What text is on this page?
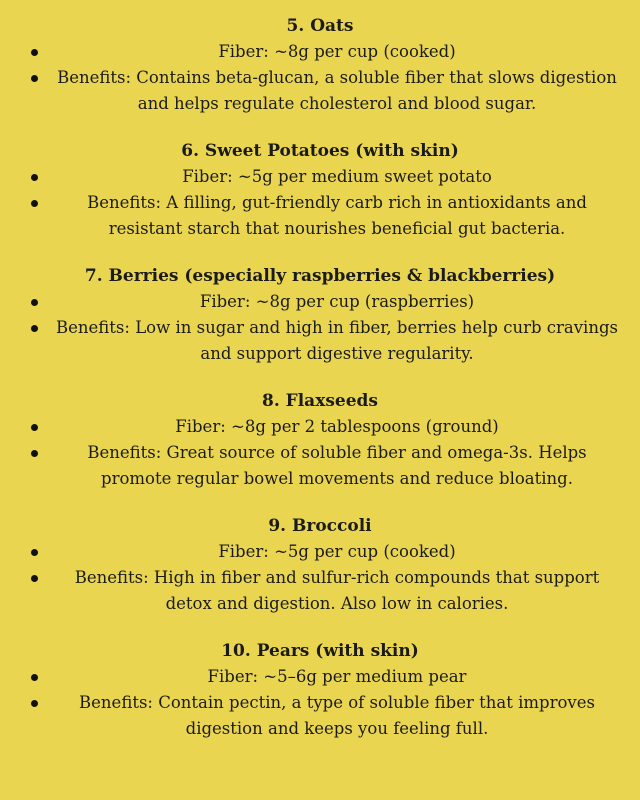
5. Oats
Fiber: ~8g per cup (cooked)
Benefits: Contains beta-glucan, a soluble fiber that slows digestion and helps regulate cholesterol and blood sugar.
6. Sweet Potatoes (with skin)
Fiber: ~5g per medium sweet potato
Benefits: A filling, gut-friendly carb rich in antioxidants and resistant starch that nourishes beneficial gut bacteria.
7. Berries (especially raspberries & blackberries)
Fiber: ~8g per cup (raspberries)
Benefits: Low in sugar and high in fiber, berries help curb cravings and support digestive regularity.
8. Flaxseeds
Fiber: ~8g per 2 tablespoons (ground)
Benefits: Great source of soluble fiber and omega-3s. Helps promote regular bowel movements and reduce bloating.
9. Broccoli
Fiber: ~5g per cup (cooked)
Benefits: High in fiber and sulfur-rich compounds that support detox and digestion. Also low in calories.
10. Pears (with skin)
Fiber: ~5–6g per medium pear
Benefits: Contain pectin, a type of soluble fiber that improves digestion and keeps you feeling full.
